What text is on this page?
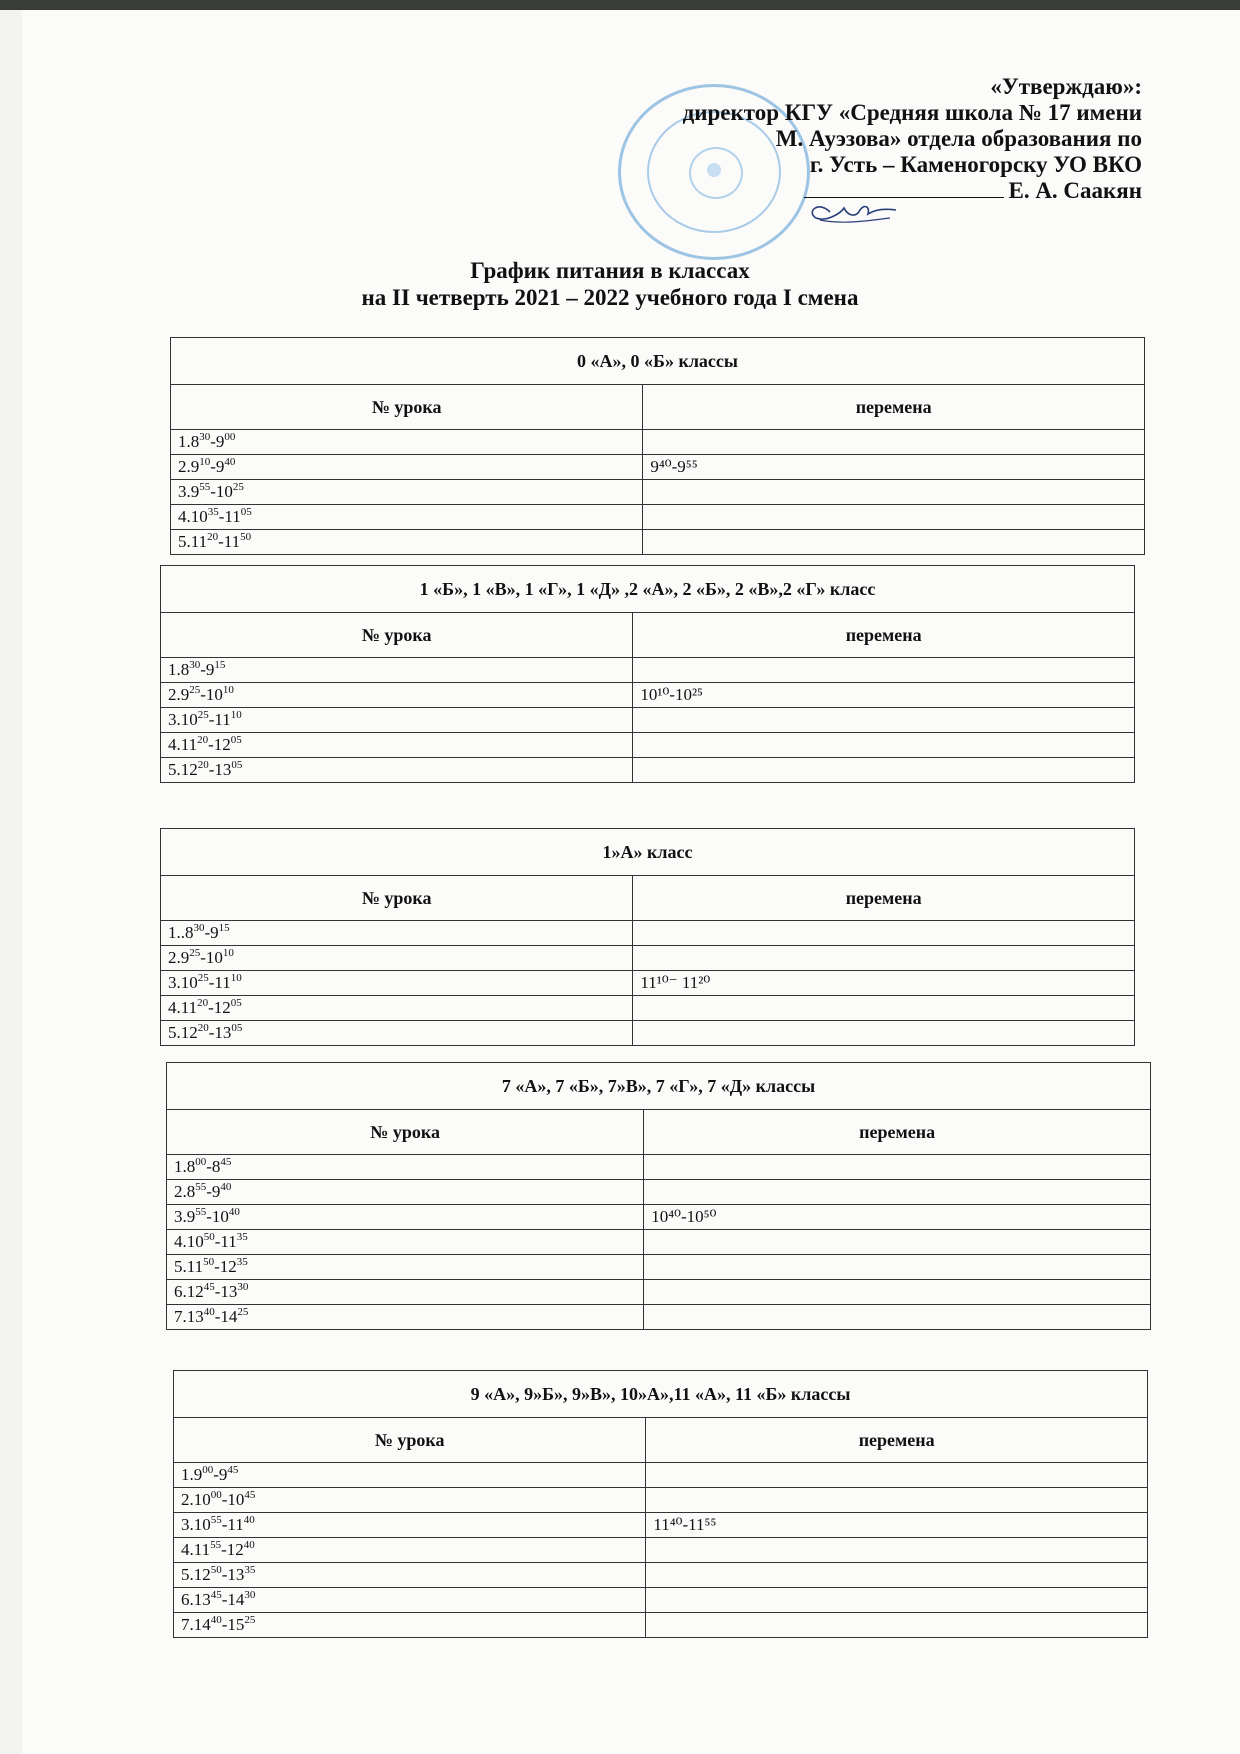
«Утверждаю»:
директор КГУ «Средняя школа № 17 имени
М. Ауэзова» отдела образования по
г. Усть – Каменогорску УО ВКО
Е. А. Саакян
График питания в классах
на II четверть 2021 – 2022 учебного года I смена
0 «А», 0 «Б» классы	
№ урока	перемена
$1.8^{30}-9^{00}$	
$2.9^{10}-9^{40}$	9⁴⁰-9⁵⁵
$3.9^{55}-10^{25}$	
$4.10^{35}-11^{05}$	
$5.11^{20}-11^{50}$	
1 «Б», 1 «В», 1 «Г», 1 «Д» ,2 «А», 2 «Б», 2 «В»,2 «Г» класс	
№ урока	перемена
$1.8^{30}-9^{15}$	
$2.9^{25}-10^{10}$	10¹⁰-10²⁵
$3.10^{25}-11^{10}$	
$4.11^{20}-12^{05}$	
$5.12^{20}-13^{05}$	
1»А» класс	
№ урока	перемена
$1..8^{30}-9^{15}$	
$2.9^{25}-10^{10}$	
$3.10^{25}-11^{10}$	11¹⁰⁻ 11²⁰
$4.11^{20}-12^{05}$	
$5.12^{20}-13^{05}$	
7 «А», 7 «Б», 7»В», 7 «Г», 7 «Д» классы	
№ урока	перемена
$1.8^{00}-8^{45}$	
$2.8^{55}-9^{40}$	
$3.9^{55}-10^{40}$	10⁴⁰-10⁵⁰
$4.10^{50}-11^{35}$	
$5.11^{50}-12^{35}$	
$6.12^{45}-13^{30}$	
$7.13^{40}-14^{25}$	
9 «А», 9»Б», 9»В», 10»А»,11 «А», 11 «Б» классы	
№ урока	перемена
$1.9^{00}-9^{45}$	
$2.10^{00}-10^{45}$	
$3.10^{55}-11^{40}$	11⁴⁰-11⁵⁵
$4.11^{55}-12^{40}$	
$5.12^{50}-13^{35}$	
$6.13^{45}-14^{30}$	
$7.14^{40}-15^{25}$	
